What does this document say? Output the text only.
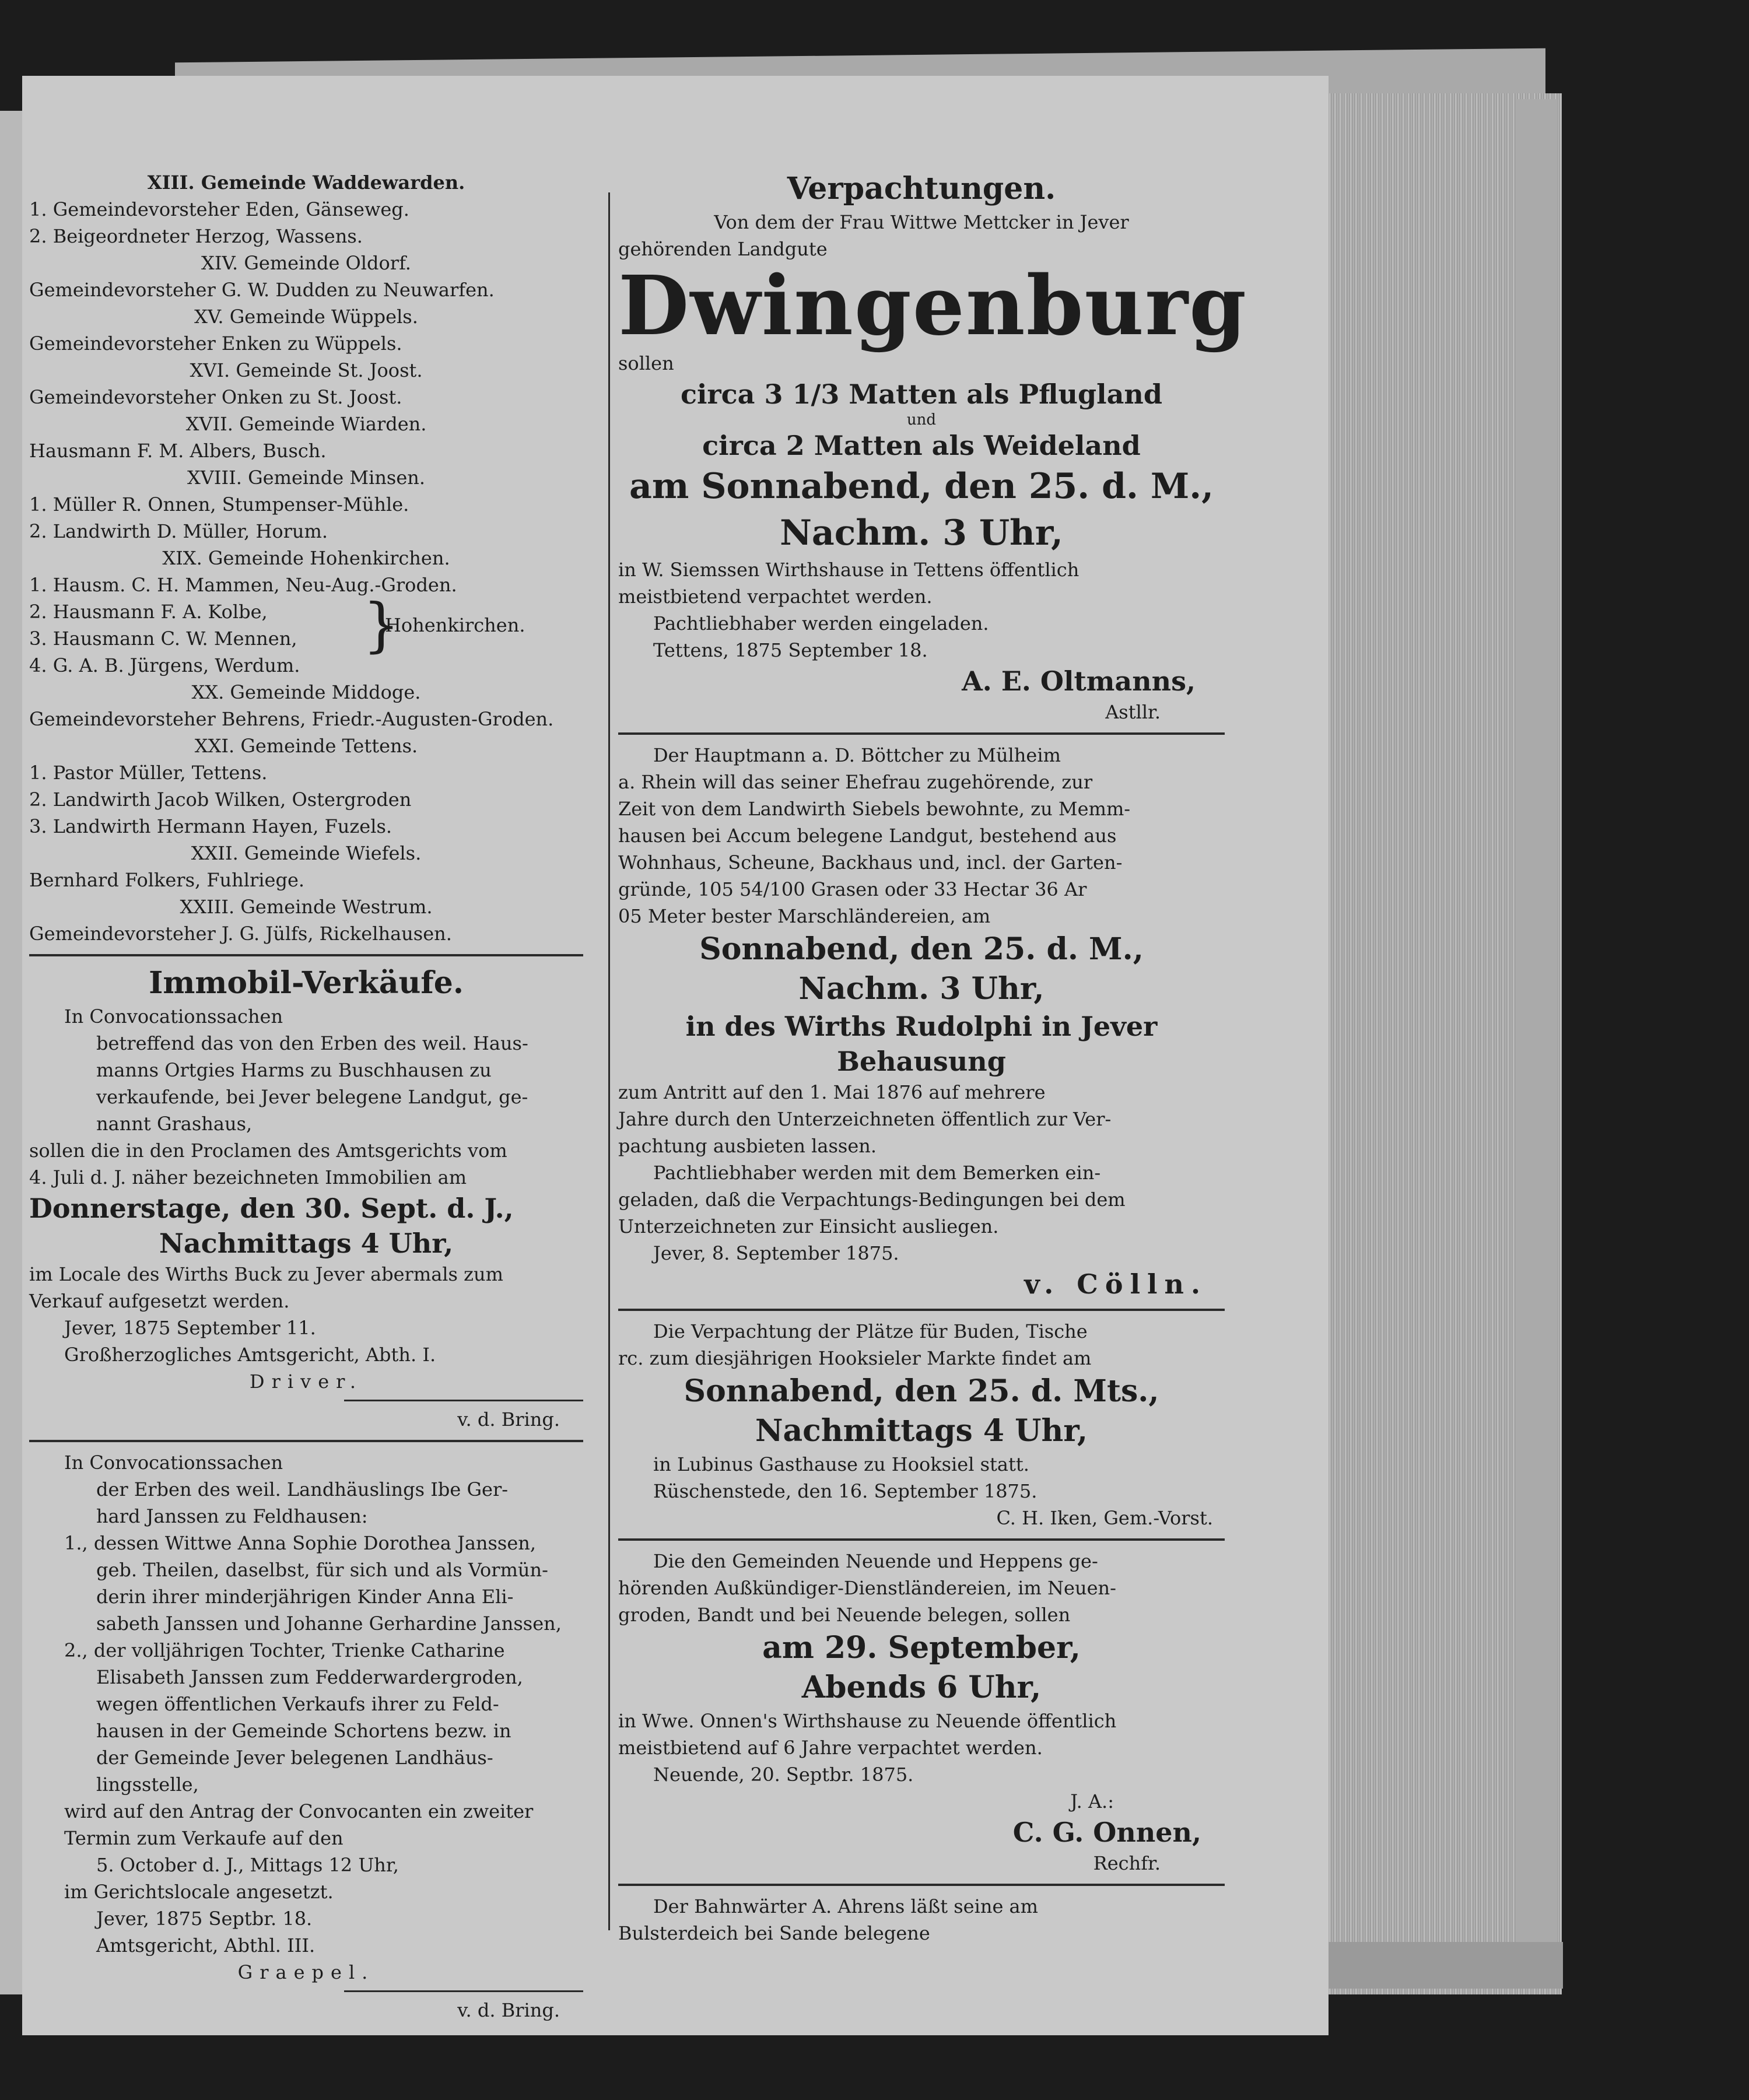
XIII. Gemeinde Waddewarden.

1. Gemeindevorsteher Eden, Gänseweg.

2. Beigeordneter Herzog, Wassens.

XIV. Gemeinde Oldorf.

Gemeindevorsteher G. W. Dudden zu Neuwarfen.

XV. Gemeinde Wüppels.

Gemeindevorsteher Enken zu Wüppels.

XVI. Gemeinde St. Joost.

Gemeindevorsteher Onken zu St. Joost.

XVII. Gemeinde Wiarden.

Hausmann F. M. Albers, Busch.

XVIII. Gemeinde Minsen.

1. Müller R. Onnen, Stumpenser-Mühle.

2. Landwirth D. Müller, Horum.

XIX. Gemeinde Hohenkirchen.

1. Hausm. C. H. Mammen, Neu-Aug.-Groden.

2. Hausmann F. A. Kolbe,

3. Hausmann C. W. Mennen,	}
Hohenkirchen.

4. G. A. B. Jürgens, Werdum.

XX. Gemeinde Middoge.

Gemeindevorsteher Behrens, Friedr.-Augusten-Groden.

XXI. Gemeinde Tettens.

1. Pastor Müller, Tettens.

2. Landwirth Jacob Wilken, Ostergroden

3. Landwirth Hermann Hayen, Fuzels.

XXII. Gemeinde Wiefels.

Bernhard Folkers, Fuhlriege.

XXIII. Gemeinde Westrum.

Gemeindevorsteher J. G. Jülfs, Rickelhausen.

Immobil-Verkäufe.

In Convocationssachen

betreffend das von den Erben des weil. Haus-

manns Ortgies Harms zu Buschhausen zu

verkaufende, bei Jever belegene Landgut, ge-

nannt Grashaus,

sollen die in den Proclamen des Amtsgerichts vom

4. Juli d. J. näher bezeichneten Immobilien am

Donnerstage, den 30. Sept. d. J.,

Nachmittags 4 Uhr,

im Locale des Wirths Buck zu Jever abermals zum

Verkauf aufgesetzt werden.

Jever, 1875 September 11.

Großherzogliches Amtsgericht, Abth. I.

Driver.

v. d. Bring.

In Convocationssachen

der Erben des weil. Landhäuslings Ibe Ger-

hard Janssen zu Feldhausen:

1., dessen Wittwe Anna Sophie Dorothea Janssen,

geb. Theilen, daselbst, für sich und als Vormün-

derin ihrer minderjährigen Kinder Anna Eli-

sabeth Janssen und Johanne Gerhardine Janssen,

2., der volljährigen Tochter, Trienke Catharine

Elisabeth Janssen zum Fedderwardergroden,

wegen öffentlichen Verkaufs ihrer zu Feld-

hausen in der Gemeinde Schortens bezw. in

der Gemeinde Jever belegenen Landhäus-

lingsstelle,

wird auf den Antrag der Convocanten ein zweiter

Termin zum Verkaufe auf den

5. October d. J., Mittags 12 Uhr,

im Gerichtslocale angesetzt.

Jever, 1875 Septbr. 18.

Amtsgericht, Abthl. III.

Graepel.

v. d. Bring.

Verpachtungen.

Von dem der Frau Wittwe Mettcker in Jever

gehörenden Landgute

Dwingenburg

sollen

circa 3 1/3 Matten als Pflugland

und

circa 2 Matten als Weideland

am Sonnabend, den 25. d. M.,

Nachm. 3 Uhr,

in W. Siemssen Wirthshause in Tettens öffentlich

meistbietend verpachtet werden.

Pachtliebhaber werden eingeladen.

Tettens, 1875 September 18.

A. E. Oltmanns,

Astllr.

Der Hauptmann a. D. Böttcher zu Mülheim

a. Rhein will das seiner Ehefrau zugehörende, zur

Zeit von dem Landwirth Siebels bewohnte, zu Memm-

hausen bei Accum belegene Landgut, bestehend aus

Wohnhaus, Scheune, Backhaus und, incl. der Garten-

gründe, 105 54/100 Grasen oder 33 Hectar 36 Ar

05 Meter bester Marschländereien, am

Sonnabend, den 25. d. M.,

Nachm. 3 Uhr,

in des Wirths Rudolphi in Jever

Behausung

zum Antritt auf den 1. Mai 1876 auf mehrere

Jahre durch den Unterzeichneten öffentlich zur Ver-

pachtung ausbieten lassen.

Pachtliebhaber werden mit dem Bemerken ein-

geladen, daß die Verpachtungs-Bedingungen bei dem

Unterzeichneten zur Einsicht ausliegen.

Jever, 8. September 1875.

v. Cölln.

Die Verpachtung der Plätze für Buden, Tische

rc. zum diesjährigen Hooksieler Markte findet am

Sonnabend, den 25. d. Mts.,

Nachmittags 4 Uhr,

in Lubinus Gasthause zu Hooksiel statt.

Rüschenstede, den 16. September 1875.

C. H. Iken, Gem.-Vorst.

Die den Gemeinden Neuende und Heppens ge-

hörenden Außkündiger-Dienstländereien, im Neuen-

groden, Bandt und bei Neuende belegen, sollen

am 29. September,

Abends 6 Uhr,

in Wwe. Onnen's Wirthshause zu Neuende öffentlich

meistbietend auf 6 Jahre verpachtet werden.

Neuende, 20. Septbr. 1875.

J. A.:

C. G. Onnen,

Rechfr.

Der Bahnwärter A. Ahrens läßt seine am

Bulsterdeich bei Sande belegene
